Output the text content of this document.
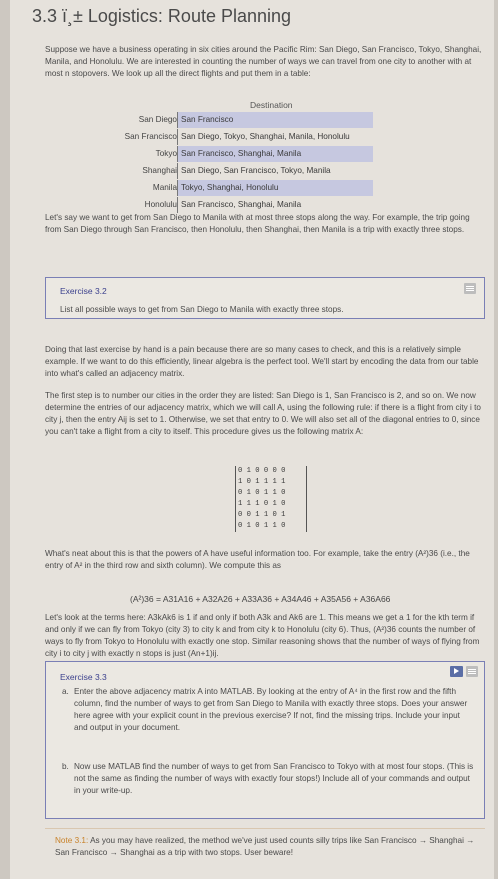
3.3 ï¸± Logistics: Route Planning
Suppose we have a business operating in six cities around the Pacific Rim: San Diego, San Francisco, Tokyo, Shanghai, Manila, and Honolulu. We are interested in counting the number of ways we can travel from one city to another with at most n stopovers. We look up all the direct flights and put them in a table:
Destination
San Diego San Francisco
San Francisco San Diego, Tokyo, Shanghai, Manila, Honolulu
Tokyo San Francisco, Shanghai, Manila
Shanghai San Diego, San Francisco, Tokyo, Manila
Manila Tokyo, Shanghai, Honolulu
Honolulu San Francisco, Shanghai, Manila
Let's say we want to get from San Diego to Manila with at most three stops along the way. For example, the trip going from San Diego through San Francisco, then Honolulu, then Shanghai, then Manila is a trip with exactly three stops.
Exercise 3.2
List all possible ways to get from San Diego to Manila with exactly three stops.
Doing that last exercise by hand is a pain because there are so many cases to check, and this is a relatively simple example. If we want to do this efficiently, linear algebra is the perfect tool. We'll start by encoding the data from our table into what's called an adjacency matrix.
The first step is to number our cities in the order they are listed: San Diego is 1, San Francisco is 2, and so on. We now determine the entries of our adjacency matrix, which we will call A, using the following rule: if there is a flight from city i to city j, then the entry Aij is set to 1. Otherwise, we set that entry to 0. We will also set all of the diagonal entries to 0, since you can't take a flight from a city to itself. This procedure gives us the following matrix A:
0 1 0 0 0 0
1 0 1 1 1 1
0 1 0 1 1 0
1 1 1 0 1 0
0 0 1 1 0 1
0 1 0 1 1 0
What's neat about this is that the powers of A have useful information too. For example, take the entry (A²)36 (i.e., the entry of A² in the third row and sixth column). We compute this as
(A²)36 = A31A16 + A32A26 + A33A36 + A34A46 + A35A56 + A36A66
Let's look at the terms here: A3kAk6 is 1 if and only if both A3k and Ak6 are 1. This means we get a 1 for the kth term if and only if we can fly from Tokyo (city 3) to city k and from city k to Honolulu (city 6). Thus, (A²)36 counts the number of ways to fly from Tokyo to Honolulu with exactly one stop. Similar reasoning shows that the number of ways of flying from city i to city j with exactly n stops is just (An+1)ij.
Exercise 3.3
a. Enter the above adjacency matrix A into MATLAB. By looking at the entry of A⁴ in the first row and the fifth column, find the number of ways to get from San Diego to Manila with exactly three stops. Does your answer here agree with your explicit count in the previous exercise? If not, find the missing trips. Include your input and output in your document.
b. Now use MATLAB find the number of ways to get from San Francisco to Tokyo with at most four stops. (This is not the same as finding the number of ways with exactly four stops!) Include all of your commands and output in your write-up.
Note 3.1: As you may have realized, the method we've just used counts silly trips like San Francisco → Shanghai → San Francisco → Shanghai as a trip with two stops. User beware!
